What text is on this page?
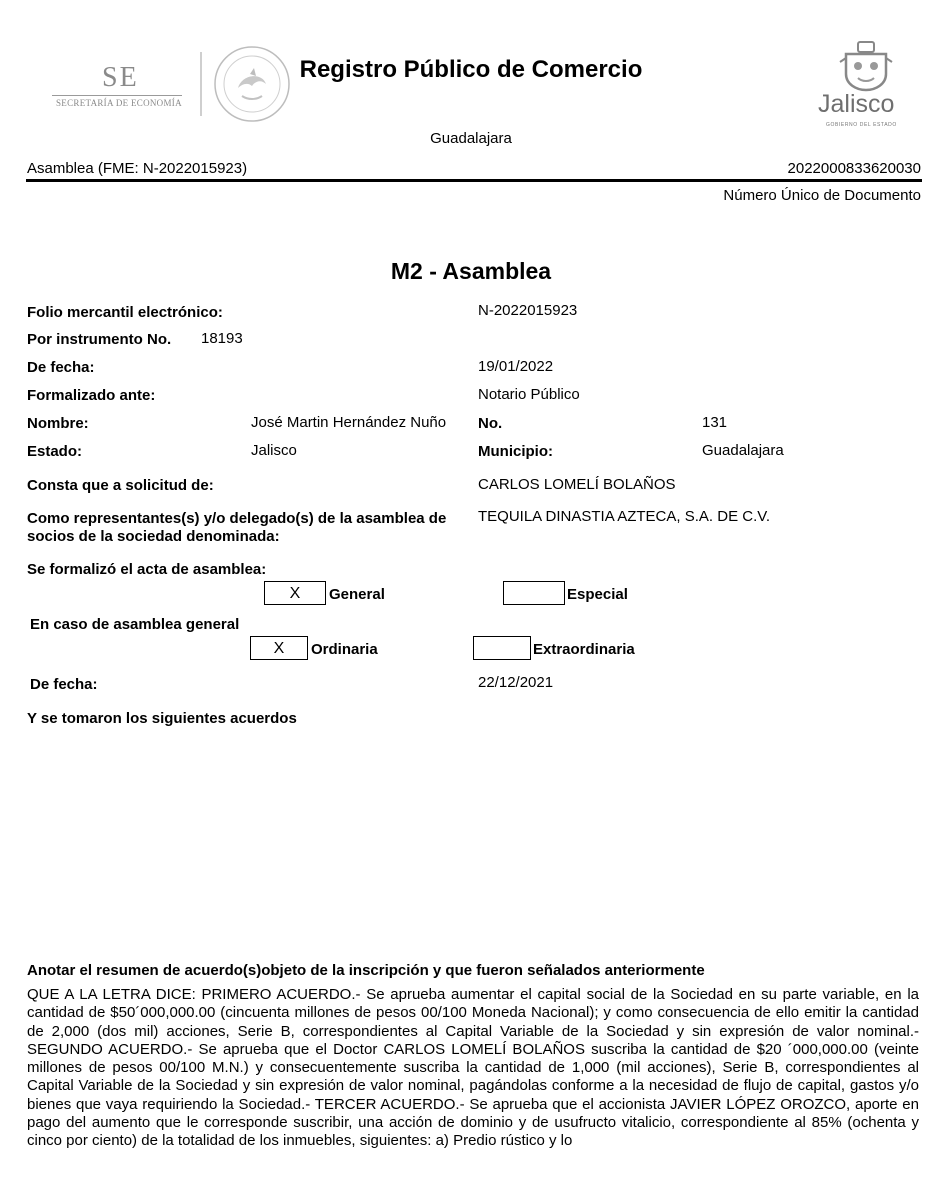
SE
SECRETARÍA DE ECONOMÍA
Registro Público de Comercio
Guadalajara
Jalisco
GOBIERNO DEL ESTADO
Asamblea (FME: N-2022015923)	2022000833620030
Número Único de Documento
M2 - Asamblea
Folio mercantil electrónico:	N-2022015923
Por instrumento No. 18193
De fecha:	19/01/2022
Formalizado ante:	Notario Público
Nombre:	José Martin Hernández Nuño No.	131
Estado:	Jalisco	Municipio:	Guadalajara
Consta que a solicitud de:	CARLOS LOMELÍ BOLAÑOS
Como representantes(s) y/o delegado(s) de la asamblea de
socios de la sociedad denominada:
TEQUILA DINASTIA AZTECA, S.A. DE C.V.
Se formalizó el acta de asamblea:
X	General	Especial
En caso de asamblea general
X	Ordinaria	Extraordinaria
De fecha:	22/12/2021
Y se tomaron los siguientes acuerdos
Anotar el resumen de acuerdo(s)objeto de la inscripción y que fueron señalados anteriormente
QUE A LA LETRA DICE: PRIMERO ACUERDO.- Se aprueba aumentar el capital social de la Sociedad en su parte variable, en la cantidad de $50´000,000.00 (cincuenta millones de pesos 00/100 Moneda Nacional); y como consecuencia de ello emitir la cantidad de 2,000 (dos mil) acciones, Serie B, correspondientes al Capital Variable de la Sociedad y sin expresión de valor nominal.- SEGUNDO ACUERDO.- Se aprueba que el Doctor CARLOS LOMELÍ BOLAÑOS suscriba la cantidad de $20 ´000,000.00 (veinte millones de pesos 00/100 M.N.) y consecuentemente suscriba la cantidad de 1,000 (mil acciones), Serie B, correspondientes al Capital Variable de la Sociedad y sin expresión de valor nominal, pagándolas conforme a la necesidad de flujo de capital, gastos y/o bienes que vaya requiriendo la Sociedad.- TERCER ACUERDO.- Se aprueba que el accionista JAVIER LÓPEZ OROZCO, aporte en pago del aumento que le corresponde suscribir, una acción de dominio y de usufructo vitalicio, correspondiente al 85% (ochenta y cinco por ciento) de la totalidad de los inmuebles, siguientes: a) Predio rústico y lo
